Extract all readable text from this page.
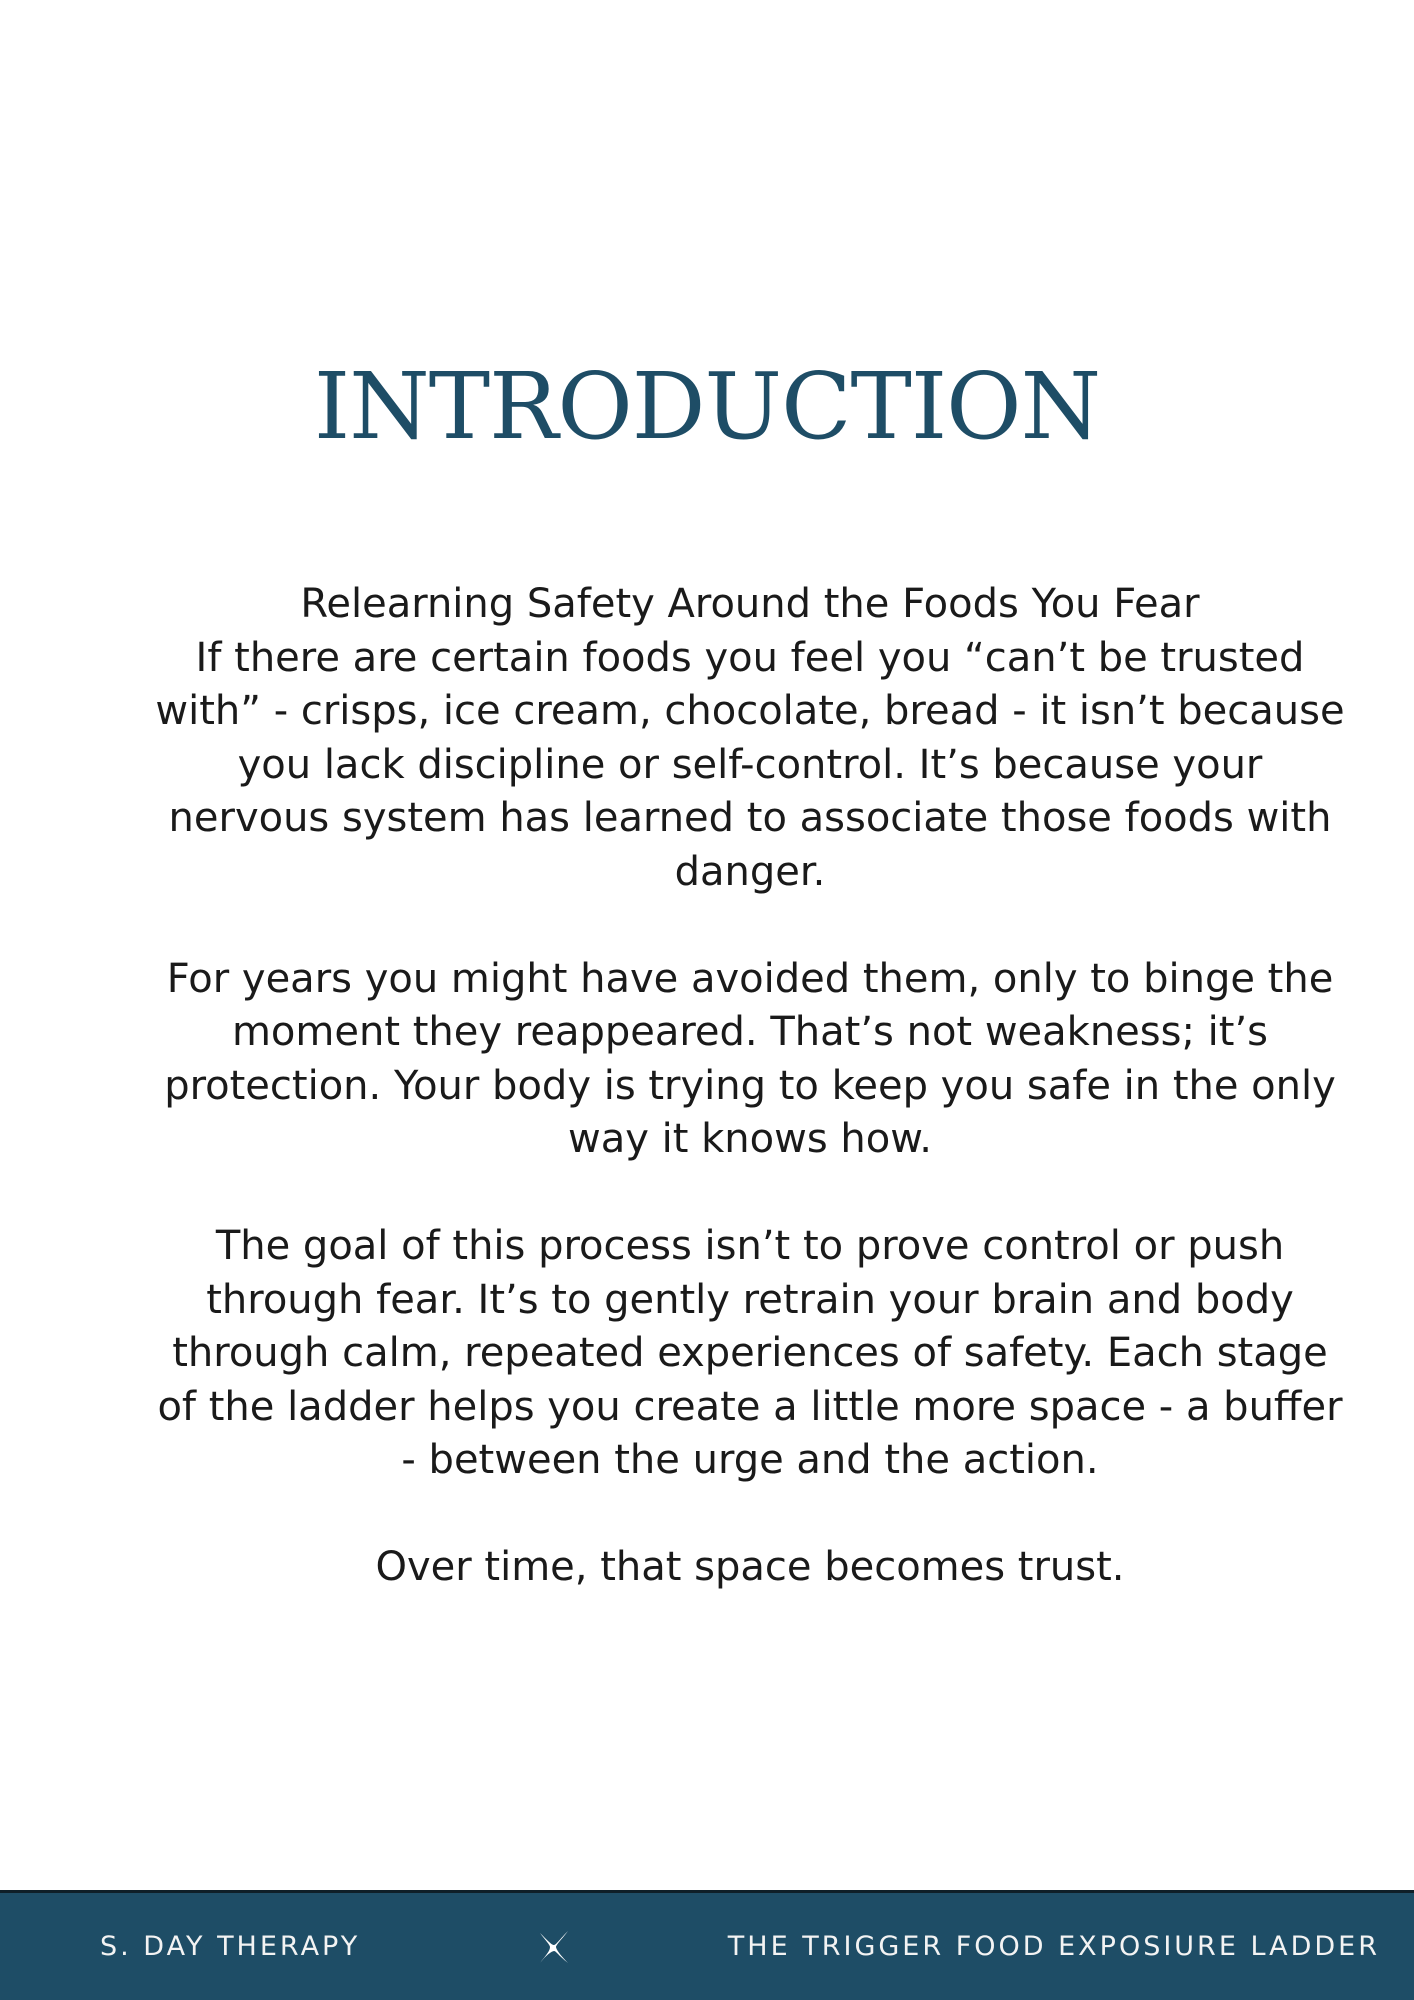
INTRODUCTION

Relearning Safety Around the Foods You Fear

If there are certain foods you feel you “can’t be trusted with” - crisps, ice cream, chocolate, bread - it isn’t because you lack discipline or self-control. It’s because your nervous system has learned to associate those foods with danger.

For years you might have avoided them, only to binge the moment they reappeared. That’s not weakness; it’s protection. Your body is trying to keep you safe in the only way it knows how.

The goal of this process isn’t to prove control or push through fear. It’s to gently retrain your brain and body through calm, repeated experiences of safety. Each stage of the ladder helps you create a little more space - a buffer - between the urge and the action.

Over time, that space becomes trust.

S. DAY THERAPY	THE TRIGGER FOOD EXPOSIURE LADDER
